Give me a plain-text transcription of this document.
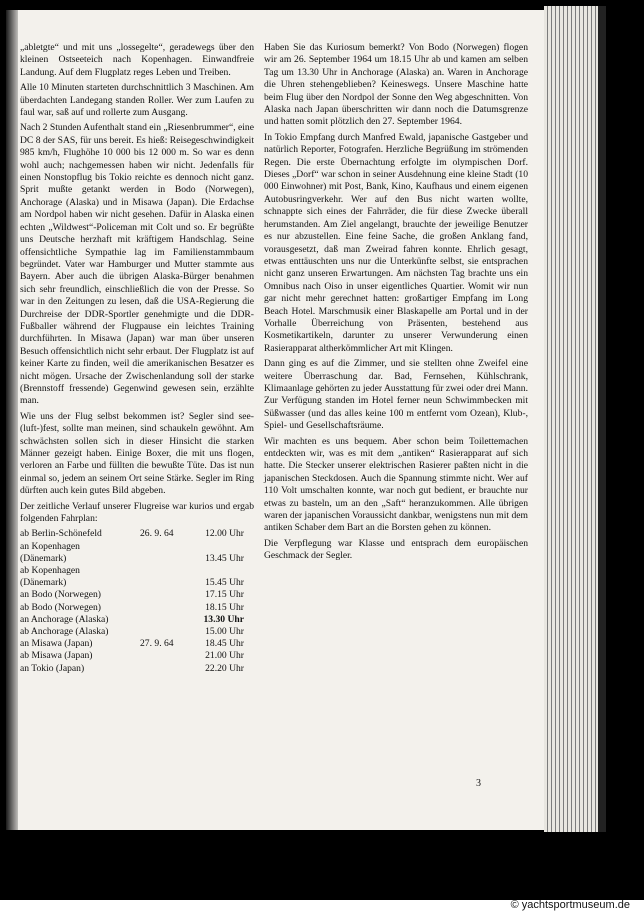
„abletgte“ und mit uns „lossegelte“, geradewegs über den kleinen Ostseeteich nach Kopenhagen. Einwandfreie Landung. Auf dem Flugplatz reges Leben und Treiben.

Alle 10 Minuten starteten durchschnittlich 3 Maschinen. Am überdachten Landegang standen Roller. Wer zum Laufen zu faul war, saß auf und rollerte zum Ausgang.

Nach 2 Stunden Aufenthalt stand ein „Riesenbrummer“, eine DC 8 der SAS, für uns bereit. Es hieß: Reisegeschwindigkeit 985 km/h, Flughöhe 10 000 bis 12 000 m. So war es denn wohl auch; nachgemessen haben wir nicht. Jedenfalls für einen Nonstopflug bis Tokio reichte es dennoch nicht ganz. Sprit mußte getankt werden in Bodo (Norwegen), Anchorage (Alaska) und in Misawa (Japan). Die Erdachse am Nordpol haben wir nicht gesehen. Dafür in Alaska einen echten „Wildwest“-Policeman mit Colt und so. Er begrüßte uns Deutsche herzhaft mit kräftigem Handschlag. Seine offensichtliche Sympathie lag im Familienstammbaum begründet. Vater war Hamburger und Mutter stammte aus Bayern. Aber auch die übrigen Alaska-Bürger benahmen sich sehr freundlich, einschließlich die von der Presse. So war in den Zeitungen zu lesen, daß die USA-Regierung die Durchreise der DDR-Sportler genehmigte und die DDR-Fußballer während der Flugpause ein leichtes Training durchführten. In Misawa (Japan) war man über unseren Besuch offensichtlich nicht sehr erbaut. Der Flugplatz ist auf keiner Karte zu finden, weil die amerikanischen Besatzer es nicht mögen. Ursache der Zwischenlandung soll der starke (Brennstoff fressende) Gegenwind gewesen sein, erzählte man.

Wie uns der Flug selbst bekommen ist? Segler sind see-(luft-)fest, sollte man meinen, sind schaukeln gewöhnt. Am schwächsten sollen sich in dieser Hinsicht die starken Männer gezeigt haben. Einige Boxer, die mit uns flogen, verloren an Farbe und füllten die bewußte Tüte. Das ist nun einmal so, jedem an seinem Ort seine Stärke. Segler im Ring dürften auch kein gutes Bild abgeben.

Der zeitliche Verlauf unserer Flugreise war kurios und ergab folgenden Fahrplan:

ab Berlin-Schönefeld	26. 9. 64	12.00 Uhr
an Kopenhagen
(Dänemark)	13.45 Uhr
ab Kopenhagen
(Dänemark)	15.45 Uhr
an Bodo (Norwegen)	17.15 Uhr
ab Bodo (Norwegen)	18.15 Uhr
an Anchorage (Alaska)	13.30 Uhr
ab Anchorage (Alaska)	15.00 Uhr
an Misawa (Japan)	27. 9. 64	18.45 Uhr
ab Misawa (Japan)	21.00 Uhr
an Tokio (Japan)	22.20 Uhr

Haben Sie das Kuriosum bemerkt? Von Bodo (Norwegen) flogen wir am 26. September 1964 um 18.15 Uhr ab und kamen am selben Tag um 13.30 Uhr in Anchorage (Alaska) an. Waren in Anchorage die Uhren stehengeblieben? Keineswegs. Unsere Maschine hatte beim Flug über den Nordpol der Sonne den Weg abgeschnitten. Von Alaska nach Japan überschritten wir dann noch die Datumsgrenze und hatten somit plötzlich den 27. September 1964.

In Tokio Empfang durch Manfred Ewald, japanische Gastgeber und natürlich Reporter, Fotografen. Herzliche Begrüßung im strömenden Regen. Die erste Übernachtung erfolgte im olympischen Dorf. Dieses „Dorf“ war schon in seiner Ausdehnung eine kleine Stadt (10 000 Einwohner) mit Post, Bank, Kino, Kaufhaus und einem eigenen Autobusringverkehr. Wer auf den Bus nicht warten wollte, schnappte sich eines der Fahrräder, die für diese Zwecke überall herumstanden. Am Ziel angelangt, brauchte der jeweilige Benutzer es nur abzustellen. Eine feine Sache, die großen Anklang fand, vorausgesetzt, daß man Zweirad fahren konnte. Ehrlich gesagt, etwas enttäuschten uns nur die Unterkünfte selbst, sie entsprachen nicht ganz unseren Erwartungen. Am nächsten Tag brachte uns ein Omnibus nach Oiso in unser eigentliches Quartier. Womit wir nun gar nicht mehr gerechnet hatten: großartiger Empfang im Long Beach Hotel. Marschmusik einer Blaskapelle am Portal und in der Vorhalle Überreichung von Präsenten, bestehend aus Kosmetikartikeln, darunter zu unserer Verwunderung einen Rasierapparat altherkömmlicher Art mit Klingen.

Dann ging es auf die Zimmer, und sie stellten ohne Zweifel eine weitere Überraschung dar. Bad, Fernsehen, Kühlschrank, Klimaanlage gehörten zu jeder Ausstattung für zwei oder drei Mann. Zur Verfügung standen im Hotel ferner neun Schwimmbecken mit Süßwasser (und das alles keine 100 m entfernt vom Ozean), Klub-, Spiel- und Gesellschaftsräume.

Wir machten es uns bequem. Aber schon beim Toilettemachen entdeckten wir, was es mit dem „antiken“ Rasierapparat auf sich hatte. Die Stecker unserer elektrischen Rasierer paßten nicht in die japanischen Steckdosen. Auch die Spannung stimmte nicht. Wer auf 110 Volt umschalten konnte, war noch gut bedient, er brauchte nur etwas zu basteln, um an den „Saft“ heranzukommen. Alle übrigen waren der japanischen Voraussicht dankbar, wenigstens nun mit dem antiken Schaber dem Bart an die Borsten gehen zu können.

Die Verpflegung war Klasse und entsprach dem europäischen Geschmack der Segler.

3
© yachtsportmuseum.de
